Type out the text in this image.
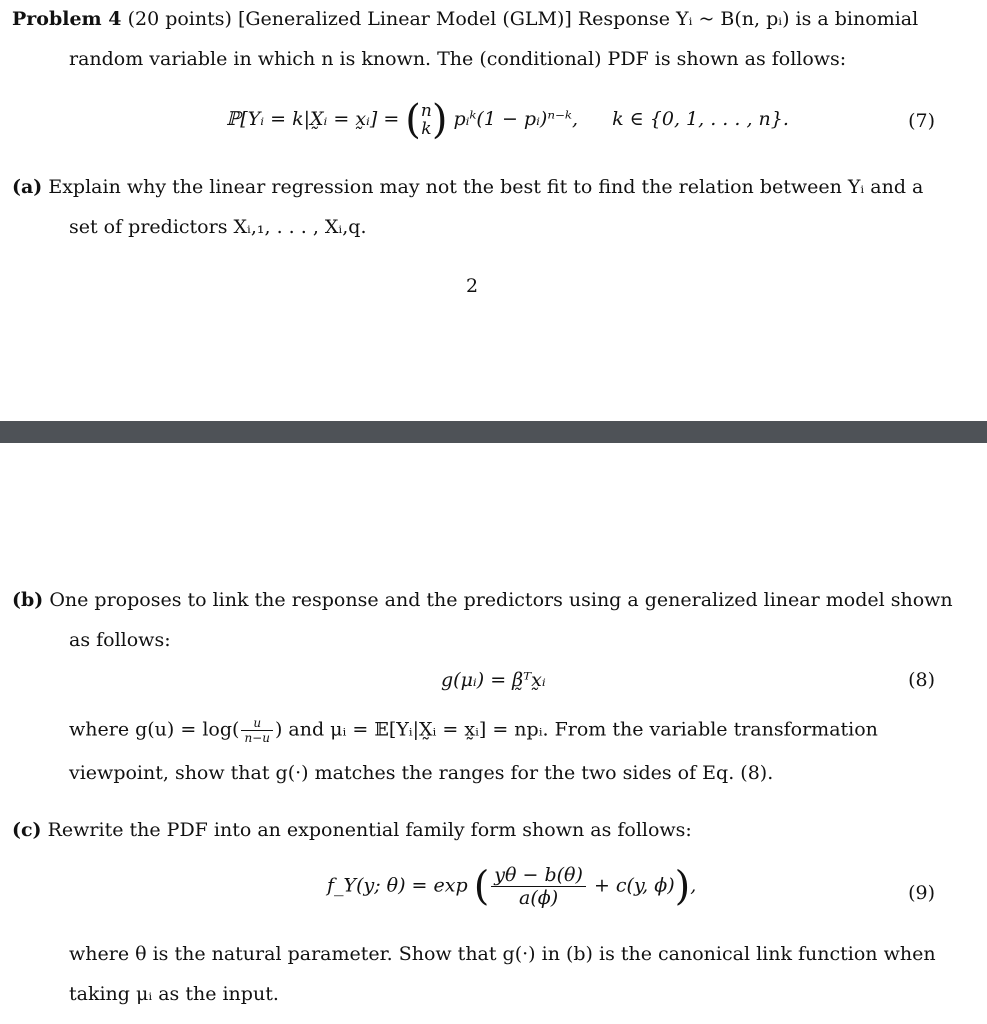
Problem 4 (20 points) [Generalized Linear Model (GLM)] Response Yᵢ ~ B(n, pᵢ) is a binomial
random variable in which n is known. The (conditional) PDF is shown as follows:
ℙ[Yᵢ = k|X̰ᵢ = x̰ᵢ] = (n
k) pᵢᵏ(1 − pᵢ)ⁿ⁻ᵏ, k ∈ {0, 1, . . . , n}.	(7)
(a) Explain why the linear regression may not the best fit to find the relation between Yᵢ and a
set of predictors Xᵢ,₁, . . . , Xᵢ,q.
2
(b) One proposes to link the response and the predictors using a generalized linear model shown
as follows:
g(μᵢ) = β̰ᵀx̰ᵢ	(8)
where $g(u) = \log( \frac{u}{n-u}$ ) and μᵢ = 𝔼[Yᵢ|X̰ᵢ = x̰ᵢ] = npᵢ. From the variable transformation
viewpoint, show that g(·) matches the ranges for the two sides of Eq. (8).
(c) Rewrite the PDF into an exponential family form shown as follows:
f_Y(y; θ) = exp ( $\frac{y\theta - b(\theta)}{a(\phi)} + c(y$, ϕ)),	(9)
where θ is the natural parameter. Show that g(·) in (b) is the canonical link function when
taking μᵢ as the input.
